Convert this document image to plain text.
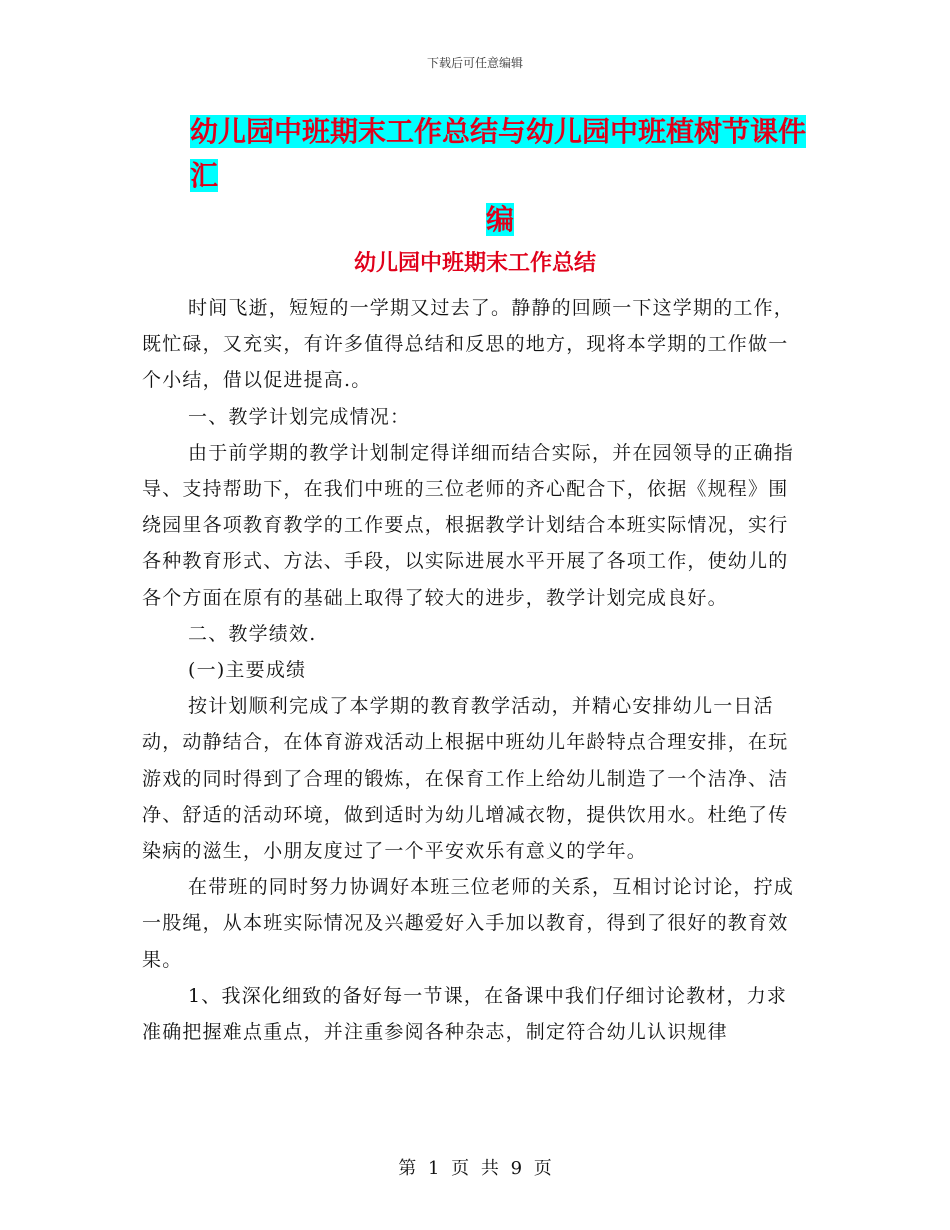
下载后可任意编辑
幼儿园中班期末工作总结与幼儿园中班植树节课件汇
编
幼儿园中班期末工作总结

时间飞逝，短短的一学期又过去了。静静的回顾一下这学期的工作，既忙碌，又充实，有许多值得总结和反思的地方，现将本学期的工作做一个小结，借以促进提高.。

一、教学计划完成情况：

由于前学期的教学计划制定得详细而结合实际，并在园领导的正确指导、支持帮助下，在我们中班的三位老师的齐心配合下，依据《规程》围绕园里各项教育教学的工作要点，根据教学计划结合本班实际情况，实行各种教育形式、方法、手段，以实际进展水平开展了各项工作，使幼儿的各个方面在原有的基础上取得了较大的进步，教学计划完成良好。

二、教学绩效.

(一)主要成绩

按计划顺利完成了本学期的教育教学活动，并精心安排幼儿一日活动，动静结合，在体育游戏活动上根据中班幼儿年龄特点合理安排，在玩游戏的同时得到了合理的锻炼，在保育工作上给幼儿制造了一个洁净、洁净、舒适的活动环境，做到适时为幼儿增减衣物，提供饮用水。杜绝了传染病的滋生，小朋友度过了一个平安欢乐有意义的学年。

在带班的同时努力协调好本班三位老师的关系，互相讨论讨论，拧成一股绳，从本班实际情况及兴趣爱好入手加以教育，得到了很好的教育效果。

1、我深化细致的备好每一节课，在备课中我们仔细讨论教材，力求准确把握难点重点，并注重参阅各种杂志，制定符合幼儿认识规律

第 1 页 共 9 页
